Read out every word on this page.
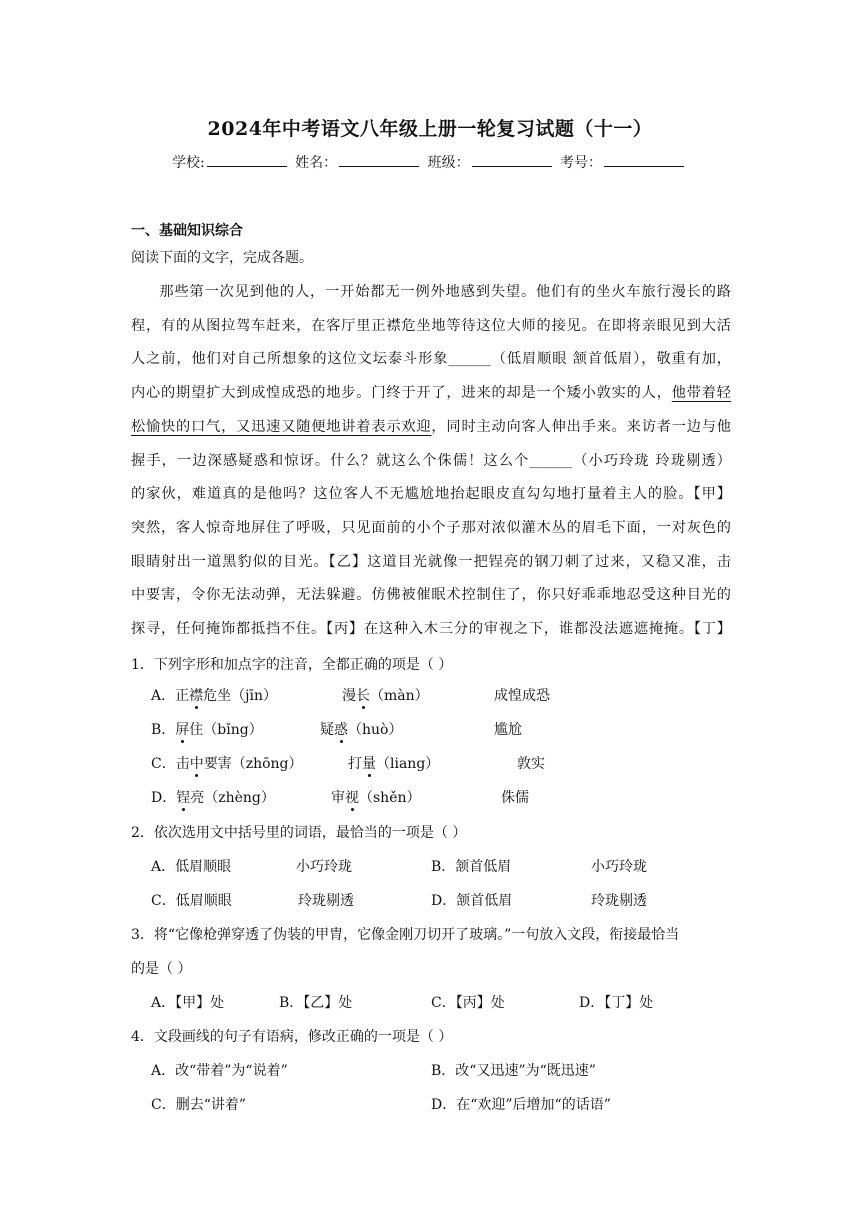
2024年中考语文八年级上册一轮复习试题（十一）
学校:	姓名：	班级：	考号：
一、基础知识综合
阅读下面的文字，完成各题。
那些第一次见到他的人，一开始都无一例外地感到失望。他们有的坐火车旅行漫长的路
程，有的从图拉驾车赶来，在客厅里正襟危坐地等待这位大师的接见。在即将亲眼见到大活
人之前，他们对自己所想象的这位文坛泰斗形象______（低眉顺眼 颔首低眉），敬重有加，
内心的期望扩大到成惶成恐的地步。门终于开了，进来的却是一个矮小敦实的人，他带着轻
松愉快的口气，又迅速又随便地讲着表示欢迎，同时主动向客人伸出手来。来访者一边与他
握手，一边深感疑惑和惊讶。什么？就这么个侏儒！这么个______（小巧玲珑 玲珑剔透）
的家伙，难道真的是他吗？这位客人不无尴尬地抬起眼皮直勾勾地打量着主人的脸。【甲】
突然，客人惊奇地屏住了呼吸，只见面前的小个子那对浓似灌木丛的眉毛下面，一对灰色的
眼睛射出一道黑豹似的目光。【乙】这道目光就像一把锃亮的钢刀刺了过来，又稳又准，击
中要害，令你无法动弹，无法躲避。仿佛被催眠术控制住了，你只好乖乖地忍受这种目光的
探寻，任何掩饰都抵挡不住。【丙】在这种入木三分的审视之下，谁都没法遮遮掩掩。【丁】
1．下列字形和加点字的注音，全都正确的项是（ ）
A．正襟危坐（jīn）	漫长（màn）	成惶成恐
B．屏住（bǐng）	疑惑（huò）	尴尬
C．击中要害（zhōng）	打量（liang）	敦实
D．锃亮（zhèng）	审视（shěn）	侏儒
2．依次选用文中括号里的词语，最恰当的一项是（ ）
A．低眉顺眼	小巧玲珑	B．颔首低眉	小巧玲珑
C．低眉顺眼	玲珑剔透	D．颔首低眉	玲珑剔透
3．将“它像枪弹穿透了伪装的甲胄，它像金刚刀切开了玻璃。”一句放入文段，衔接最恰当
的是（ ）
A．【甲】处	B．【乙】处	C．【丙】处	D．【丁】处
4．文段画线的句子有语病，修改正确的一项是（ ）
A．改“带着”为“说着”	B．改“又迅速”为“既迅速”
C．删去“讲着”	D．在“欢迎”后增加“的话语”
